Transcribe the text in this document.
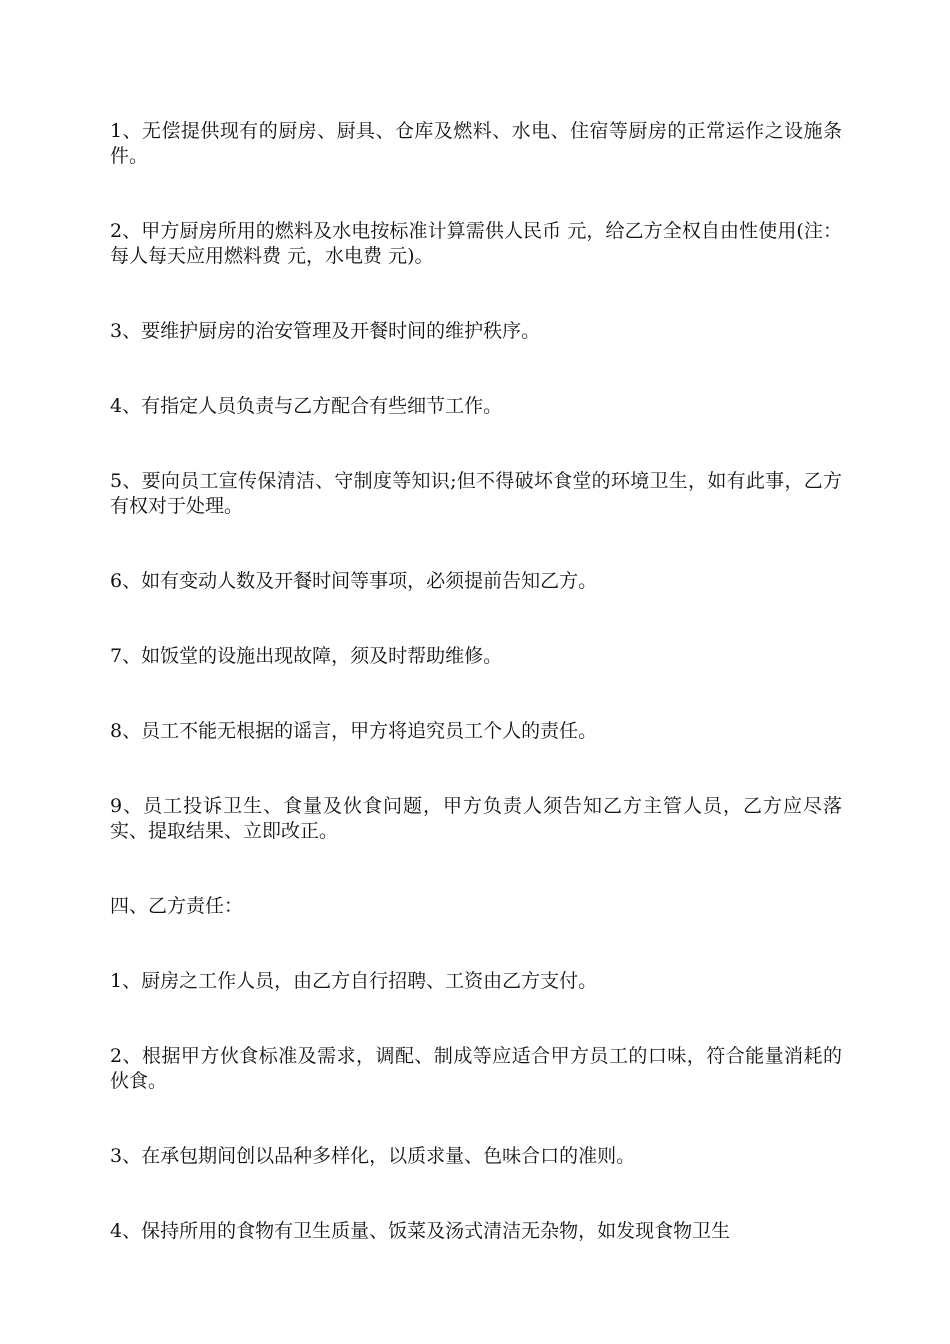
1、无偿提供现有的厨房、厨具、仓库及燃料、水电、住宿等厨房的正常运作之设施条件。

2、甲方厨房所用的燃料及水电按标准计算需供人民币 元，给乙方全权自由性使用(注：每人每天应用燃料费 元，水电费 元)。

3、要维护厨房的治安管理及开餐时间的维护秩序。

4、有指定人员负责与乙方配合有些细节工作。

5、要向员工宣传保清洁、守制度等知识;但不得破坏食堂的环境卫生，如有此事，乙方有权对于处理。

6、如有变动人数及开餐时间等事项，必须提前告知乙方。

7、如饭堂的设施出现故障，须及时帮助维修。

8、员工不能无根据的谣言，甲方将追究员工个人的责任。

9、员工投诉卫生、食量及伙食问题，甲方负责人须告知乙方主管人员，乙方应尽落实、提取结果、立即改正。

四、乙方责任：

1、厨房之工作人员，由乙方自行招聘、工资由乙方支付。

2、根据甲方伙食标准及需求，调配、制成等应适合甲方员工的口味，符合能量消耗的伙食。

3、在承包期间创以品种多样化，以质求量、色味合口的准则。

4、保持所用的食物有卫生质量、饭菜及汤式清洁无杂物，如发现食物卫生
